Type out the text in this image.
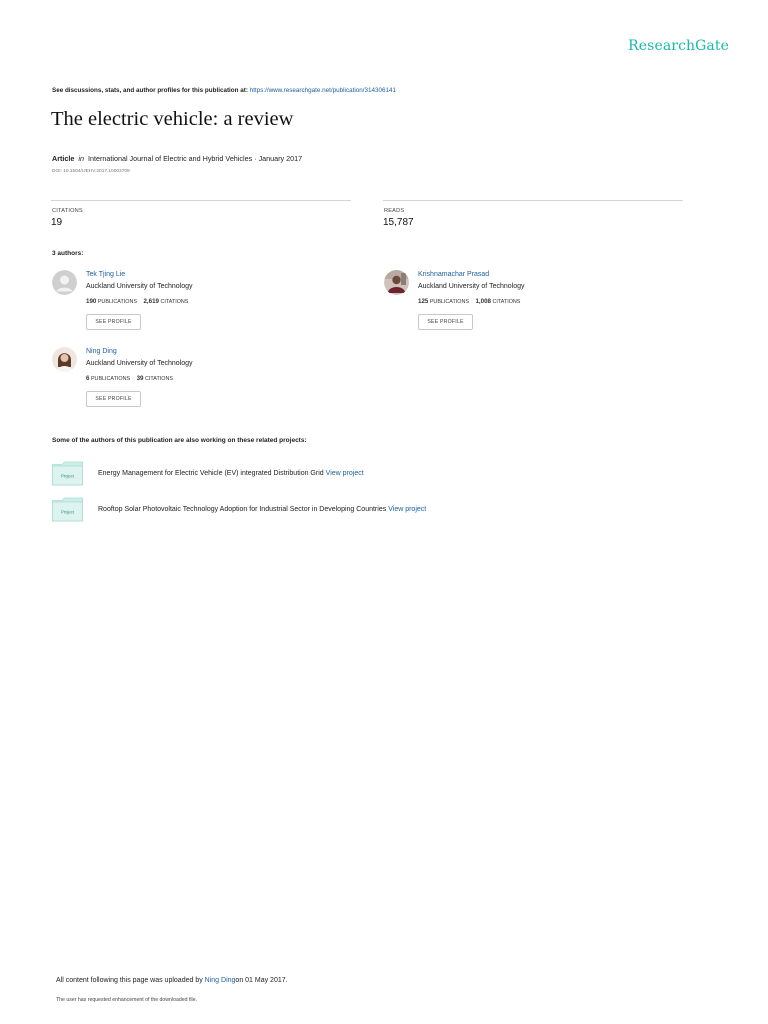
ResearchGate
See discussions, stats, and author profiles for this publication at: https://www.researchgate.net/publication/314306141
The electric vehicle: a review
Article in International Journal of Electric and Hybrid Vehicles · January 2017
DOI: 10.1504/IJEHV.2017.10003709
CITATIONS
19
READS
15,787
3 authors:
Tek Tjing Lie
Auckland University of Technology
190 PUBLICATIONS 2,619 CITATIONS
SEE PROFILE
Krishnamachar Prasad
Auckland University of Technology
125 PUBLICATIONS 1,008 CITATIONS
SEE PROFILE
Ning Ding
Auckland University of Technology
6 PUBLICATIONS 39 CITATIONS
SEE PROFILE
Some of the authors of this publication are also working on these related projects:
Project	Energy Management for Electric Vehicle (EV) integrated Distribution Grid View project
Project	Rooftop Solar Photovoltaic Technology Adoption for Industrial Sector in Developing Countries View project
All content following this page was uploaded by Ning Dingon 01 May 2017.
The user has requested enhancement of the downloaded file.
